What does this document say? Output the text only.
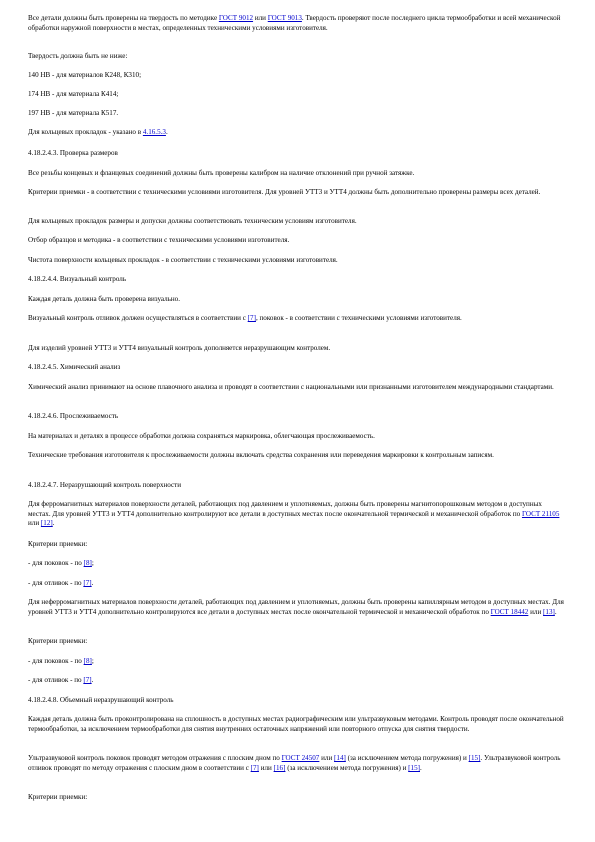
Все детали должны быть проверены на твердость по методике ГОСТ 9012 или ГОСТ 9013. Твердость проверяют после последнего цикла термообработки и всей механической обработки наружной поверхности в местах, определенных техническими условиями изготовителя.

Твердость должна быть не ниже:

140 НВ - для материалов К248, К310;

174 НВ - для материала К414;

197 НВ - для материала К517.

Для кольцевых прокладок - указано в 4.16.5.3.

4.18.2.4.3. Проверка размеров

Все резьбы концевых и фланцевых соединений должны быть проверены калибром на наличие отклонений при ручной затяжке.

Критерии приемки - в соответствии с техническими условиями изготовителя. Для уровней УТТ3 и УТТ4 должны быть дополнительно проверены размеры всех деталей.

Для кольцевых прокладок размеры и допуски должны соответствовать техническим условиям изготовителя.

Отбор образцов и методика - в соответствии с техническими условиями изготовителя.

Чистота поверхности кольцевых прокладок - в соответствии с техническими условиями изготовителя.

4.18.2.4.4. Визуальный контроль

Каждая деталь должна быть проверена визуально.

Визуальный контроль отливок должен осуществляться в соответствии с [7], поковок - в соответствии с техническими условиями изготовителя.

Для изделий уровней УТТ3 и УТТ4 визуальный контроль дополняется неразрушающим контролем.

4.18.2.4.5. Химический анализ

Химический анализ принимают на основе плавочного анализа и проводят в соответствии с национальными или признанными изготовителем международными стандартами.

4.18.2.4.6. Прослеживаемость

На материалах и деталях в процессе обработки должна сохраняться маркировка, облегчающая прослеживаемость.

Технические требования изготовителя к прослеживаемости должны включать средства сохранения или переведения маркировки к контрольным записям.

4.18.2.4.7. Неразрушающий контроль поверхности

Для ферромагнитных материалов поверхности деталей, работающих под давлением и уплотняемых, должны быть проверены магнитопорошковым методом в доступных местах. Для уровней УТТ3 и УТТ4 дополнительно контролируют все детали в доступных местах после окончательной термической и механической обработок по ГОСТ 21105 или [12].

Критерии приемки:

- для поковок - по [8];

- для отливок - по [7].

Для неферромагнитных материалов поверхности деталей, работающих под давлением и уплотняемых, должны быть проверены капиллярным методом в доступных местах. Для уровней УТТ3 и УТТ4 дополнительно контролируются все детали в доступных местах после окончательной термической и механической обработок по ГОСТ 18442 или [13].

Критерии приемки:

- для поковок - по [8];

- для отливок - по [7].

4.18.2.4.8. Объемный неразрушающий контроль

Каждая деталь должна быть проконтролирована на сплошность в доступных местах радиографическим или ультразвуковым методами. Контроль проводят после окончательной термообработки, за исключением термообработки для снятия внутренних остаточных напряжений или повторного отпуска для снятия твердости.

Ультразвуковой контроль поковок проводят методом отражения с плоским дном по ГОСТ 24507 или [14] (за исключением метода погружения) и [15]. Ультразвуковой контроль отливок проводят по методу отражения с плоским дном в соответствии с [7] или [16] (за исключением метода погружения) и [15].

Критерии приемки:
